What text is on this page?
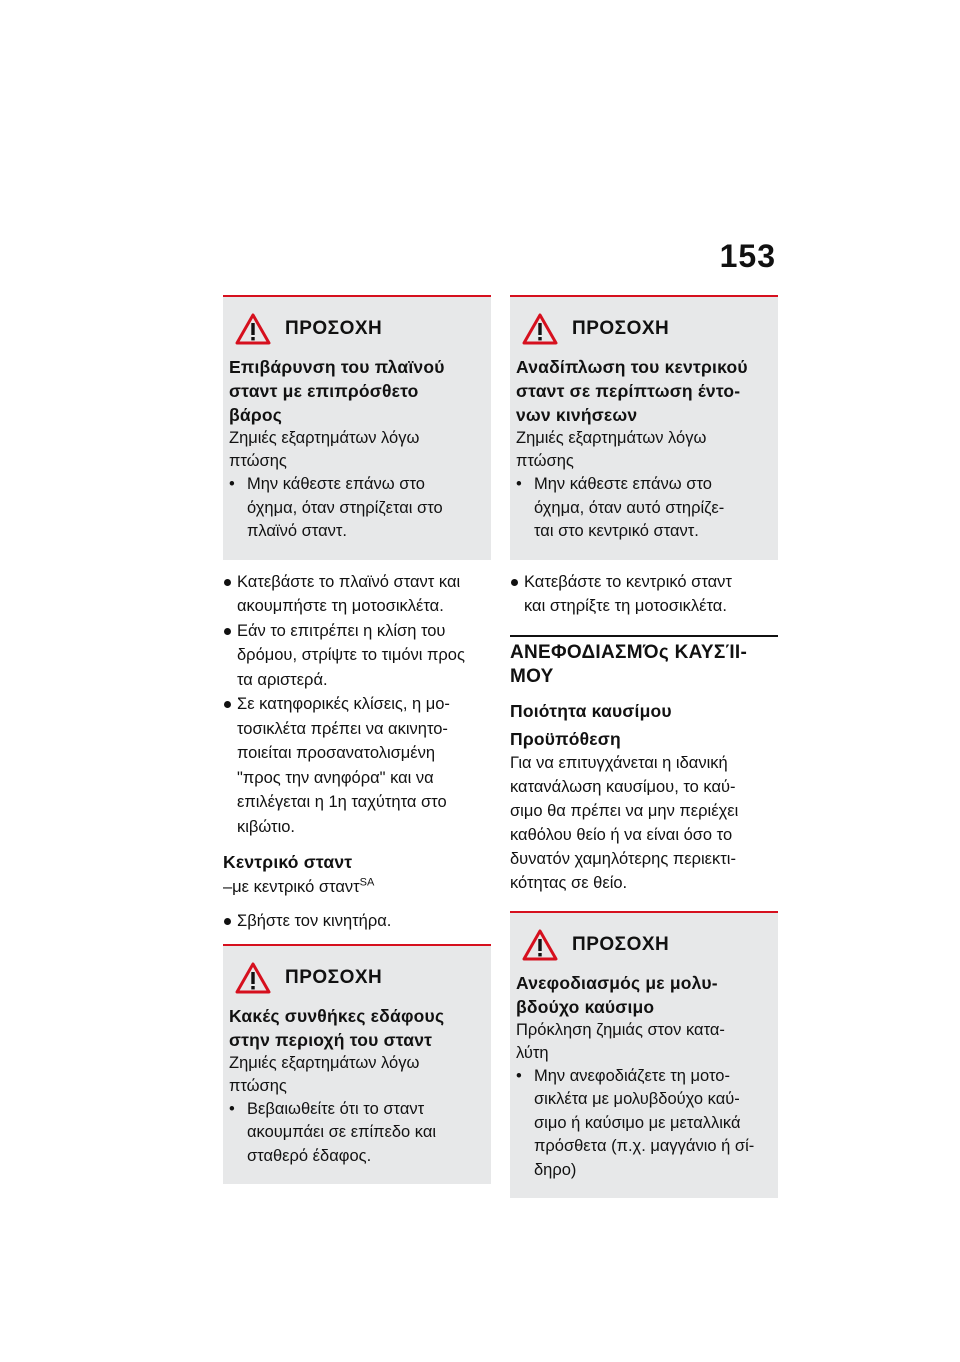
153
ΠΡΟΣΟΧΗ
Επιβάρυνση του πλαϊνού
σταντ με επιπρόσθετο
βάρος
Ζημιές εξαρτημάτων λόγω
πτώσης
• Μην κάθεστε επάνω στο
όχημα, όταν στηρίζεται στο
πλαϊνό σταντ.
Κατεβάστε το πλαϊνό σταντ και
ακουμπήστε τη μοτοσικλέτα.
Εάν το επιτρέπει η κλίση του
δρόμου, στρίψτε το τιμόνι προς
τα αριστερά.
Σε κατηφορικές κλίσεις, η μο-
τοσικλέτα πρέπει να ακινητο-
ποιείται προσανατολισμένη
"προς την ανηφόρα" και να
επιλέγεται η 1η ταχύτητα στο
κιβώτιο.
Κεντρικό σταντ
–με κεντρικό σταντ$^{SA}$
Σβήστε τον κινητήρα.
ΠΡΟΣΟΧΗ
Κακές συνθήκες εδάφους
στην περιοχή του σταντ
Ζημιές εξαρτημάτων λόγω
πτώσης
• Βεβαιωθείτε ότι το σταντ
ακουμπάει σε επίπεδο και
σταθερό έδαφος.
ΠΡΟΣΟΧΗ
Αναδίπλωση του κεντρικού
σταντ σε περίπτωση έντο-
νων κινήσεων
Ζημιές εξαρτημάτων λόγω
πτώσης
• Μην κάθεστε επάνω στο
όχημα, όταν αυτό στηρίζε-
ται στο κεντρικό σταντ.
Κατεβάστε το κεντρικό σταντ
και στηρίξτε τη μοτοσικλέτα.
ΑΝΕΦΟΔΙΑΣΜΌς ΚΑΥΣΊΙ-
ΜΟΥ
Ποιότητα καυσίμου
Προϋπόθεση
Για να επιτυγχάνεται η ιδανική
κατανάλωση καυσίμου, το καύ-
σιμο θα πρέπει να μην περιέχει
καθόλου θείο ή να είναι όσο το
δυνατόν χαμηλότερης περιεκτι-
κότητας σε θείο.
ΠΡΟΣΟΧΗ
Ανεφοδιασμός με μολυ-
βδούχο καύσιμο
Πρόκληση ζημιάς στον κατα-
λύτη
• Μην ανεφοδιάζετε τη μοτο-
σικλέτα με μολυβδούχο καύ-
σιμο ή καύσιμο με μεταλλικά
πρόσθετα (π.χ. μαγγάνιο ή σί-
δηρο)
